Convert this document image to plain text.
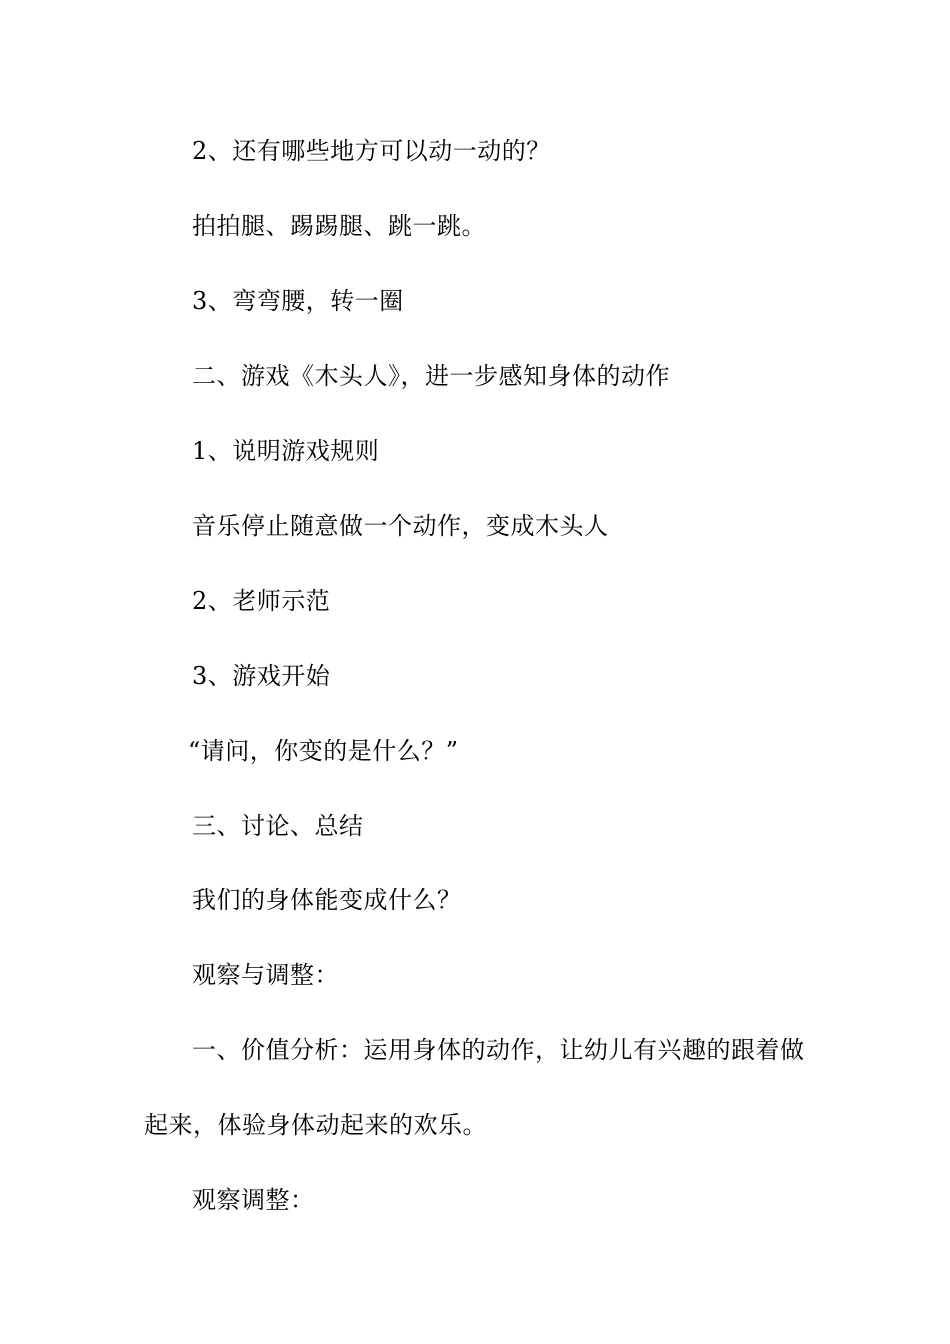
2、还有哪些地方可以动一动的？
拍拍腿、踢踢腿、跳一跳。
3、弯弯腰，转一圈
二、游戏《木头人》，进一步感知身体的动作
1、说明游戏规则
音乐停止随意做一个动作，变成木头人
2、老师示范
3、游戏开始
“请问，你变的是什么？”
三、讨论、总结
我们的身体能变成什么？
观察与调整：
一、价值分析：运用身体的动作，让幼儿有兴趣的跟着做
起来，体验身体动起来的欢乐。
观察调整：
